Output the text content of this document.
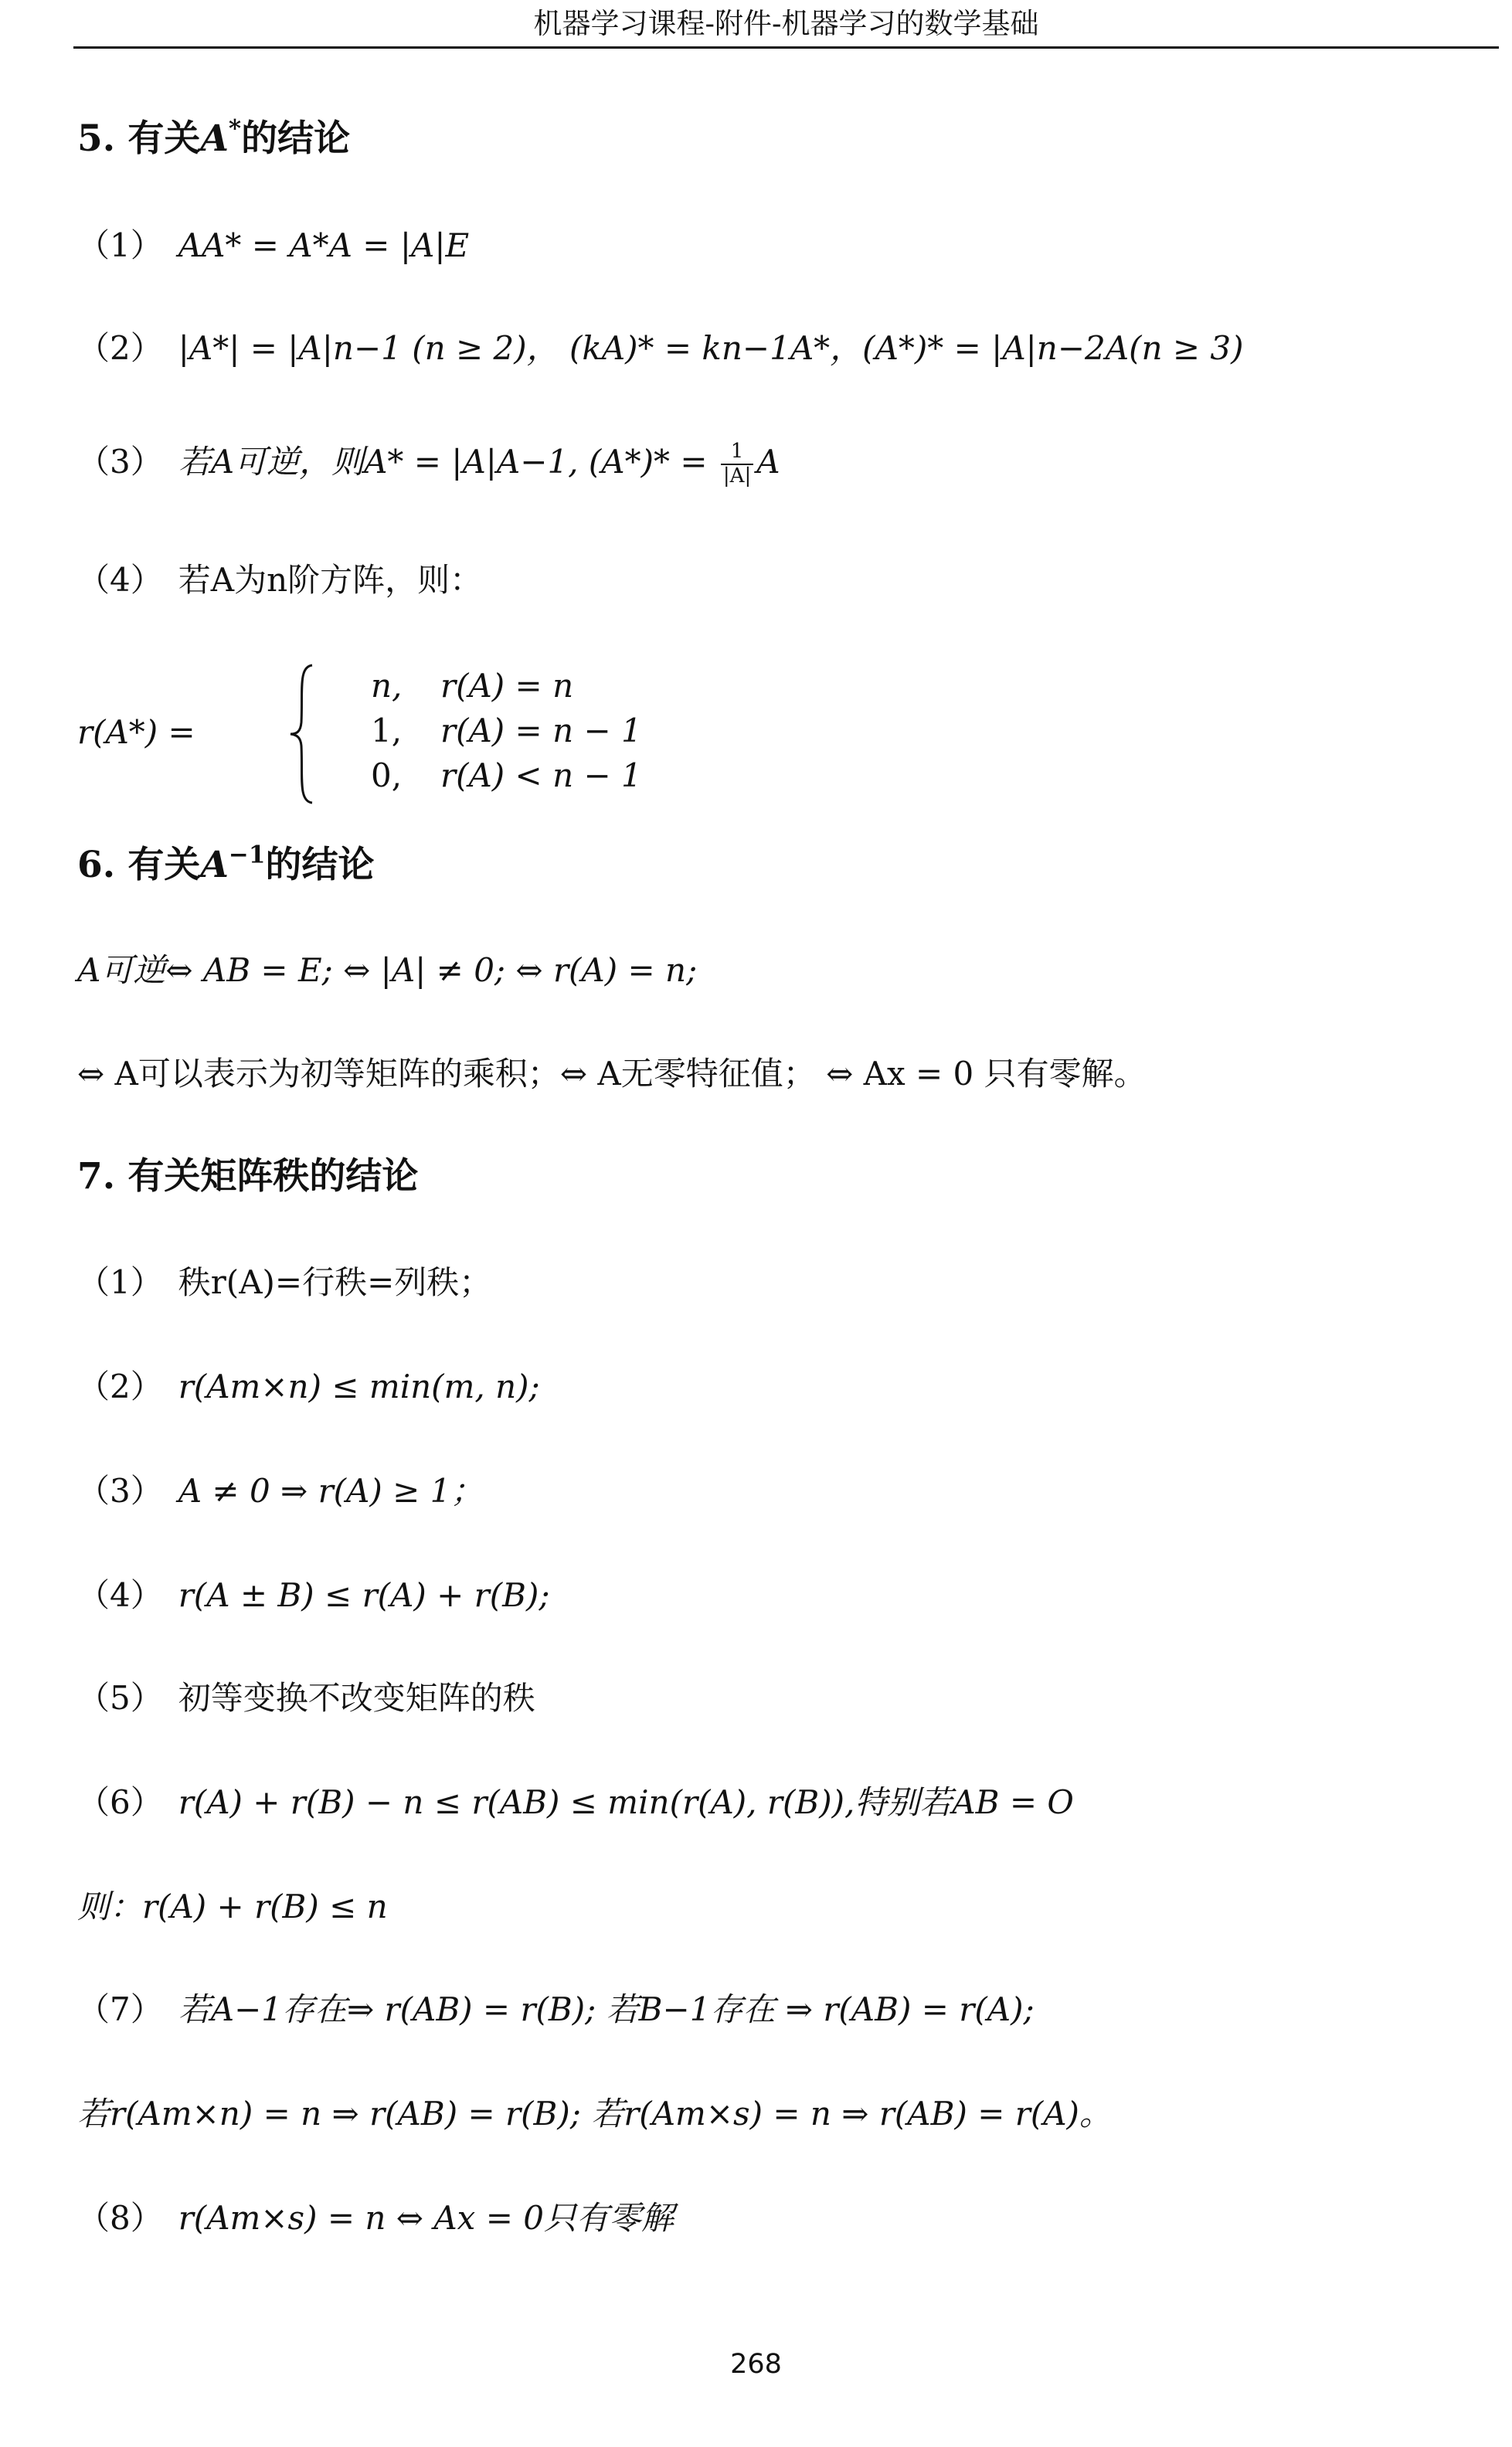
机器学习课程-附件-机器学习的数学基础
5. 有关A*的结论
（1） AA* = A*A = |A|E
（2） |A*| = |A|n−1 (n ≥ 2)， (kA)* = kn−1A*，(A*)* = |A|n−2A(n ≥ 3)
（3） 若A可逆，则A* = |A|A−1, $(A*)* = \frac{1}{|A|}$ A
（4） 若A为n阶方阵，则：
r(A*) =
n, r(A) = n
1, r(A) = n − 1
0, r(A) < n − 1
6. 有关$A^{-1}$的结论
A可逆⇔ AB = E; ⇔ |A| ≠ 0; ⇔ r(A) = n;
⇔ A可以表示为初等矩阵的乘积；⇔ A无零特征值； ⇔ Ax = 0 只有零解。
7. 有关矩阵秩的结论
（1） 秩r(A)=行秩=列秩；
（2） r(Am×n) ≤ min(m, n);
（3） A ≠ 0 ⇒ r(A) ≥ 1；
（4） r(A ± B) ≤ r(A) + r(B);
（5） 初等变换不改变矩阵的秩
（6） r(A) + r(B) − n ≤ r(AB) ≤ min(r(A), r(B)),特别若AB = O
则：r(A) + r(B) ≤ n
（7） 若A−1存在⇒ r(AB) = r(B); 若B−1存在 ⇒ r(AB) = r(A);
若r(Am×n) = n ⇒ r(AB) = r(B); 若r(Am×s) = n ⇒ r(AB) = r(A)。
（8） r(Am×s) = n ⇔ Ax = 0只有零解
268
